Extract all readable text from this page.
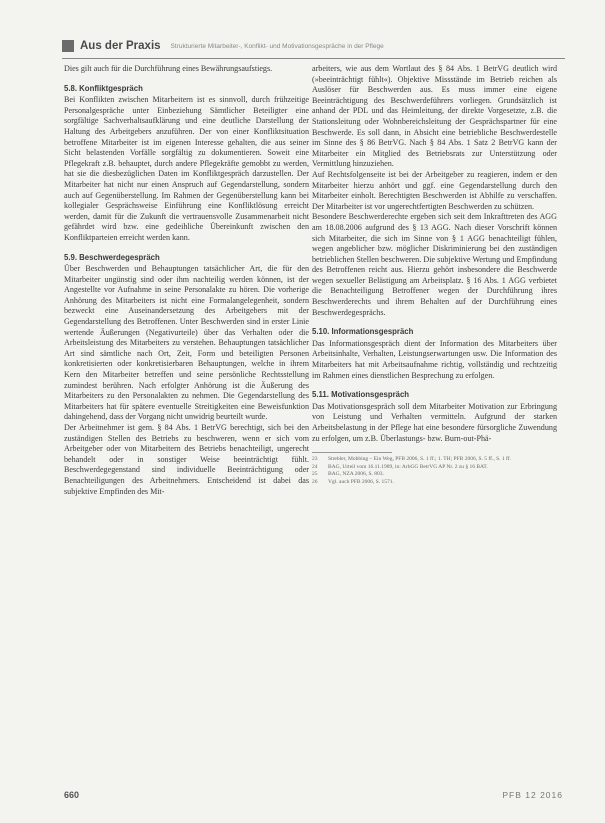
Aus der Praxis Strukturierte Mitarbeiter-, Konflikt- und Motivationsgespräche in der Pflege

Dies gilt auch für die Durchführung eines Bewährungsaufstiegs.

5.8. Konfliktgespräch

Bei Konflikten zwischen Mitarbeitern ist es sinnvoll, durch frühzeitige Personalgespräche unter Einbeziehung Sämtlicher Beteiligter eine sorgfältige Sachverhaltsaufklärung und eine deutliche Darstellung der Haltung des Arbeitgebers anzuführen. Der von einer Konfliktsituation betroffene Mitarbeiter ist im eigenen Interesse gehalten, die aus seiner Sicht belastenden Vorfälle sorgfältig zu dokumentieren. Soweit eine Pflegekraft z.B. behauptet, durch andere Pflegekräfte gemobbt zu werden, hat sie die diesbezüglichen Daten im Konfliktgespräch darzustellen. Der Mitarbeiter hat nicht nur einen Anspruch auf Gegendarstellung, sondern auch auf Gegenüberstellung. Im Rahmen der Gegenüberstellung kann bei kollegialer Gesprächsweise Einführung eine Konfliktlösung erreicht werden, damit für die Zukunft die vertrauensvolle Zusammenarbeit nicht gefährdet wird bzw. eine gedeihliche Übereinkunft zwischen den Konfliktparteien erreicht werden kann.

5.9. Beschwerdegespräch

Über Beschwerden und Behauptungen tatsächlicher Art, die für den Mitarbeiter ungünstig sind oder ihm nachteilig werden können, ist der Angestellte vor Aufnahme in seine Personalakte zu hören. Die vorherige Anhörung des Mitarbeiters ist nicht eine Formalangelegenheit, sondern bezweckt eine Auseinandersetzung des Arbeitgebers mit der Gegendarstellung des Betroffenen. Unter Beschwerden sind in erster Linie wertende Äußerungen (Negativurteile) über das Verhalten oder die Arbeitsleistung des Mitarbeiters zu verstehen. Behauptungen tatsächlicher Art sind sämtliche nach Ort, Zeit, Form und beteiligten Personen konkretisierten oder konkretisierbaren Behauptungen, welche in ihrem Kern den Mitarbeiter betreffen und seine persönliche Rechtsstellung zumindest berühren. Nach erfolgter Anhörung ist die Äußerung des Mitarbeiters zu den Personalakten zu nehmen. Die Gegendarstellung des Mitarbeiters hat für spätere eventuelle Streitigkeiten eine Beweisfunktion dahingehend, dass der Vorgang nicht unwidrig beurteilt wurde.

Der Arbeitnehmer ist gem. § 84 Abs. 1 BetrVG berechtigt, sich bei den zuständigen Stellen des Betriebs zu beschweren, wenn er sich vom Arbeitgeber oder von Mitarbeitern des Betriebs benachteiligt, ungerecht behandelt oder in sonstiger Weise beeinträchtigt fühlt. Beschwerdegegenstand sind individuelle Beeinträchtigung oder Benachteiligungen des Arbeitnehmers. Entscheidend ist dabei das subjektive Empfinden des Mit-

arbeiters, wie aus dem Wortlaut des § 84 Abs. 1 BetrVG deutlich wird (»beeinträchtigt fühlt«). Objektive Missstände im Betrieb reichen als Auslöser für Beschwerden aus. Es muss immer eine eigene Beeinträchtigung des Beschwerdeführers vorliegen. Grundsätzlich ist anhand der PDL und das Heimleitung, der direkte Vorgesetzte, z.B. die Stationsleitung oder Wohnbereichsleitung der Gesprächspartner für eine Beschwerde. Es soll dann, in Absicht eine betriebliche Beschwerdestelle im Sinne des § 86 BetrVG. Nach § 84 Abs. 1 Satz 2 BetrVG kann der Mitarbeiter ein Mitglied des Betriebsrats zur Unterstützung oder Vermittlung hinzuziehen.

Auf Rechtsfolgenseite ist bei der Arbeitgeber zu reagieren, indem er den Mitarbeiter hierzu anhört und ggf. eine Gegendarstellung durch den Mitarbeiter einholt. Berechtigten Beschwerden ist Abhilfe zu verschaffen. Der Mitarbeiter ist vor ungerechtfertigten Beschwerden zu schützen.

Besondere Beschwerderechte ergeben sich seit dem Inkrafttreten des AGG am 18.08.2006 aufgrund des § 13 AGG. Nach dieser Vorschrift können sich Mitarbeiter, die sich im Sinne von § 1 AGG benachteiligt fühlen, wegen angeblicher bzw. möglicher Diskriminierung bei den zuständigen betrieblichen Stellen beschweren. Die subjektive Wertung und Empfindung des Betroffenen reicht aus. Hierzu gehört insbesondere die Beschwerde wegen sexueller Belästigung am Arbeitsplatz. § 16 Abs. 1 AGG verbietet die Benachteiligung Betroffener wegen der Durchführung ihres Beschwerderechts und ihrem Behalten auf der Durchführung eines Beschwerdegesprächs.

5.10. Informationsgespräch

Das Informationsgespräch dient der Information des Mitarbeiters über Arbeitsinhalte, Verhalten, Leistungserwartungen usw. Die Information des Mitarbeiters hat mit Arbeitsaufnahme richtig, vollständig und rechtzeitig im Rahmen eines dienstlichen Besprechung zu erfolgen.

5.11. Motivationsgespräch

Das Motivationsgespräch soll dem Mitarbeiter Motivation zur Erbringung von Leistung und Verhalten vermitteln. Aufgrund der starken Arbeitsbelastung in der Pflege hat eine besondere fürsorgliche Zuwendung zu erfolgen, um z.B. Überlastungs- bzw. Burn-out-Phä-

23	Strebler, Mobbing – Ein Weg, PFB 2006, S. 1 ff.; 1. TH; PFB 2006, S. 5 ff., S. 1 ff.
24	BAG, Urteil vom 16.11.1989, in: ArbGG BetrVG AP Nr. 2 zu § 16 BAT.
25	BAG, NZA 2006, S. 803.
26	Vgl. auch PFB 2006, S. 1571.
660	PFB 12 2016
